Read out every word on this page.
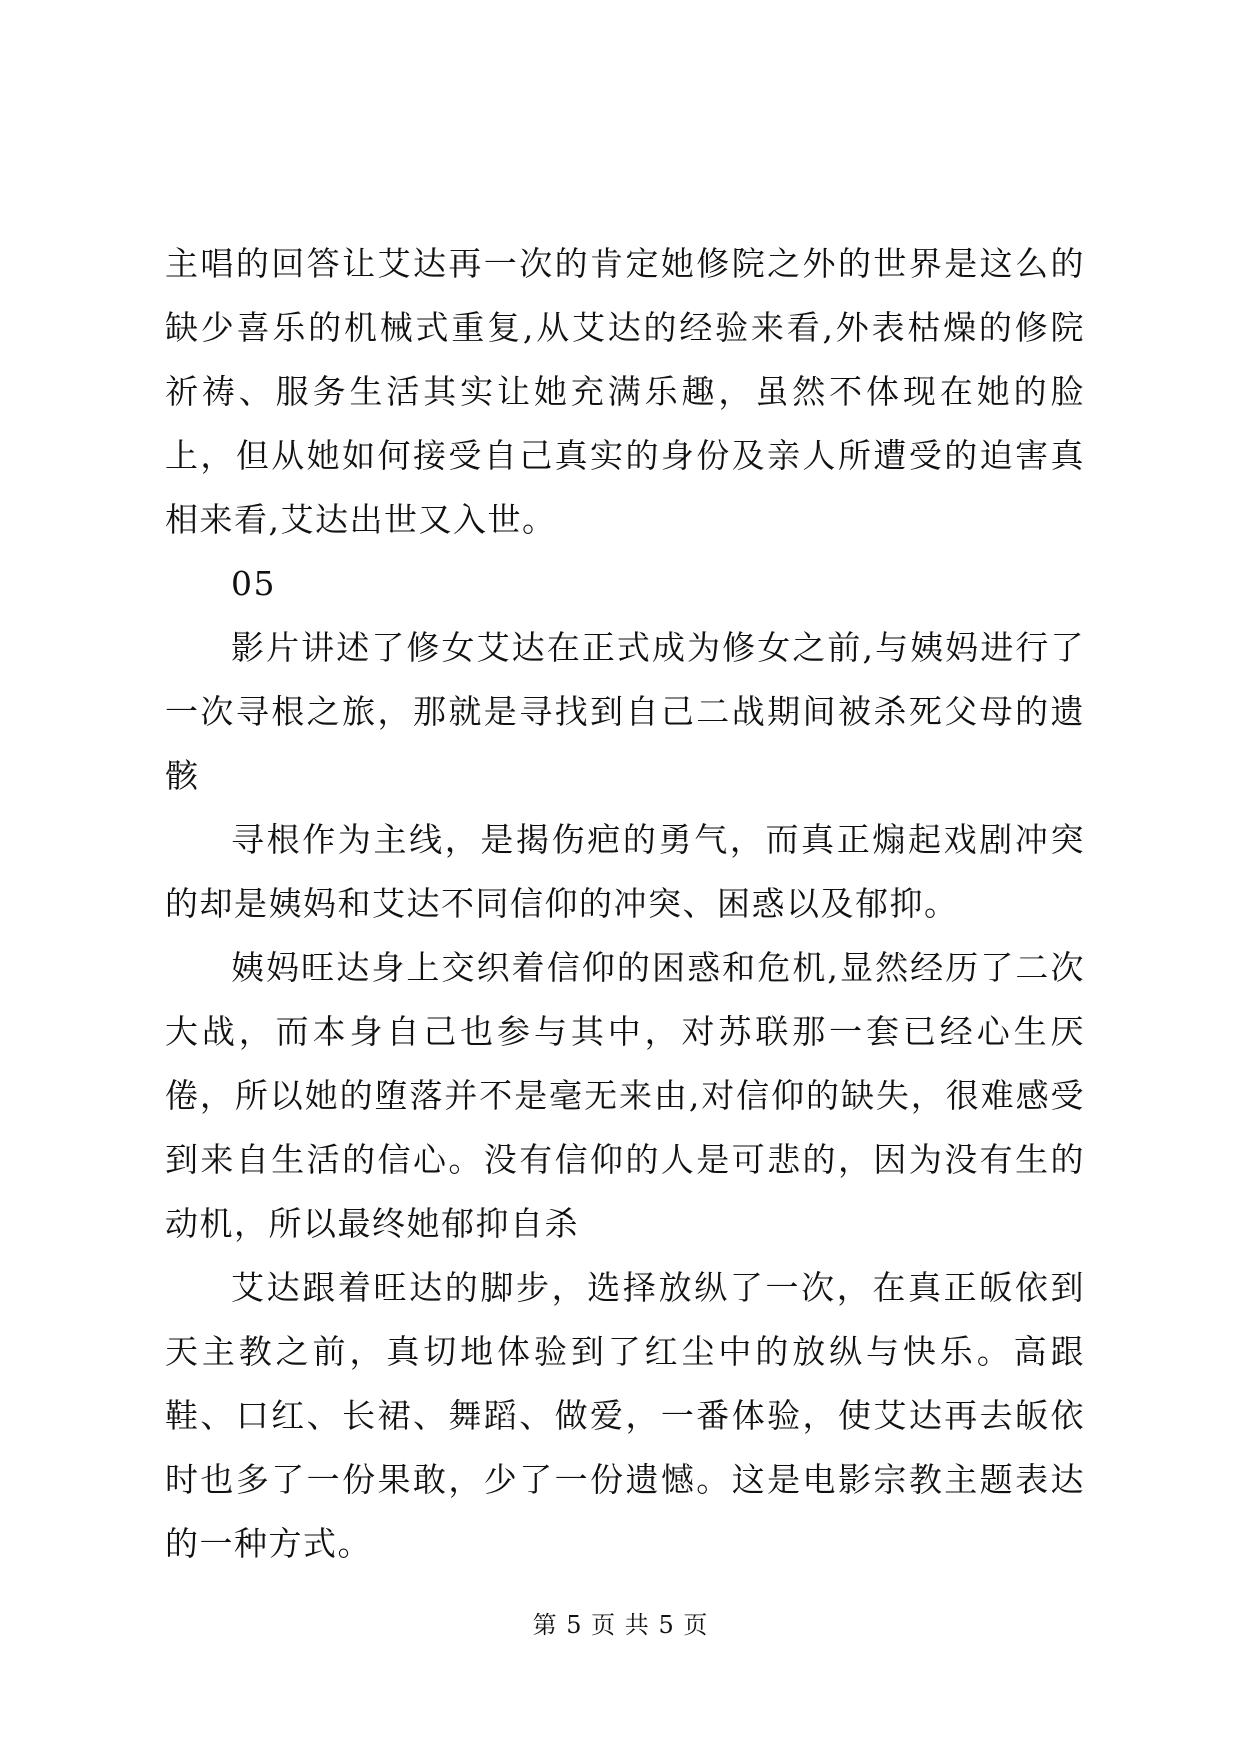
主唱的回答让艾达再一次的肯定她修院之外的世界是这么的缺少喜乐的机械式重复,从艾达的经验来看,外表枯燥的修院祈祷、服务生活其实让她充满乐趣，虽然不体现在她的脸上，但从她如何接受自己真实的身份及亲人所遭受的迫害真相来看,艾达出世又入世。

05

影片讲述了修女艾达在正式成为修女之前,与姨妈进行了一次寻根之旅，那就是寻找到自己二战期间被杀死父母的遗骸

寻根作为主线，是揭伤疤的勇气，而真正煽起戏剧冲突的却是姨妈和艾达不同信仰的冲突、困惑以及郁抑。

姨妈旺达身上交织着信仰的困惑和危机,显然经历了二次大战，而本身自己也参与其中，对苏联那一套已经心生厌倦，所以她的堕落并不是毫无来由,对信仰的缺失，很难感受到来自生活的信心。没有信仰的人是可悲的，因为没有生的动机，所以最终她郁抑自杀

艾达跟着旺达的脚步，选择放纵了一次，在真正皈依到天主教之前，真切地体验到了红尘中的放纵与快乐。高跟鞋、口红、长裙、舞蹈、做爱，一番体验，使艾达再去皈依时也多了一份果敢，少了一份遗憾。这是电影宗教主题表达的一种方式。

第 5 页 共 5 页
